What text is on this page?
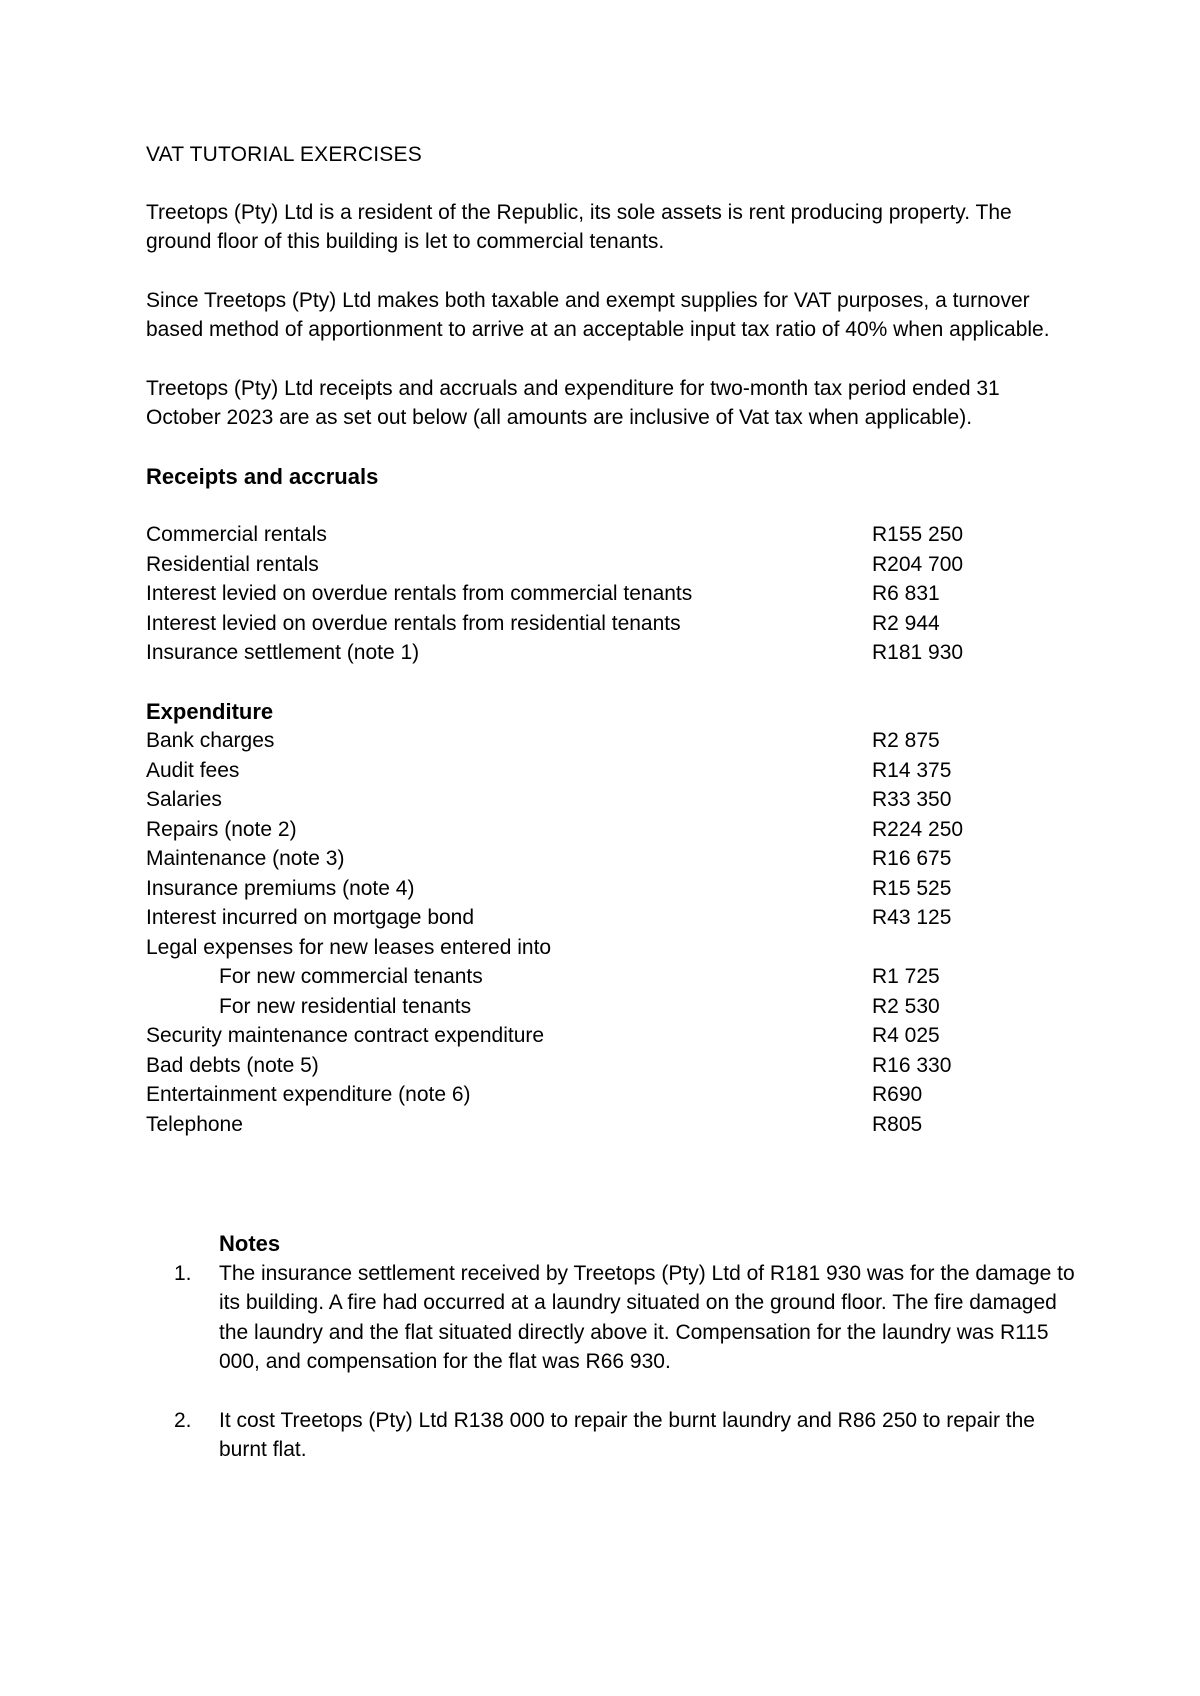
VAT TUTORIAL EXERCISES

Treetops (Pty) Ltd is a resident of the Republic, its sole assets is rent producing property. The ground floor of this building is let to commercial tenants.

Since Treetops (Pty) Ltd makes both taxable and exempt supplies for VAT purposes, a turnover based method of apportionment to arrive at an acceptable input tax ratio of 40% when applicable.

Treetops (Pty) Ltd receipts and accruals and expenditure for two-month tax period ended 31 October 2023 are as set out below (all amounts are inclusive of Vat tax when applicable).

Receipts and accruals
Commercial rentals	R155 250
Residential rentals	R204 700
Interest levied on overdue rentals from commercial tenants	R6 831
Interest levied on overdue rentals from residential tenants	R2 944
Insurance settlement (note 1)	R181 930
Expenditure
Bank charges	R2 875
Audit fees	R14 375
Salaries	R33 350
Repairs (note 2)	R224 250
Maintenance (note 3)	R16 675
Insurance premiums (note 4)	R15 525
Interest incurred on mortgage bond	R43 125
Legal expenses for new leases entered into
For new commercial tenants	R1 725
For new residential tenants	R2 530
Security maintenance contract expenditure	R4 025
Bad debts (note 5)	R16 330
Entertainment expenditure (note 6)	R690
Telephone	R805
Notes
1.	The insurance settlement received by Treetops (Pty) Ltd of R181 930 was for the damage to its building. A fire had occurred at a laundry situated on the ground floor. The fire damaged the laundry and the flat situated directly above it. Compensation for the laundry was R115 000, and compensation for the flat was R66 930.
2.	It cost Treetops (Pty) Ltd R138 000 to repair the burnt laundry and R86 250 to repair the burnt flat.
